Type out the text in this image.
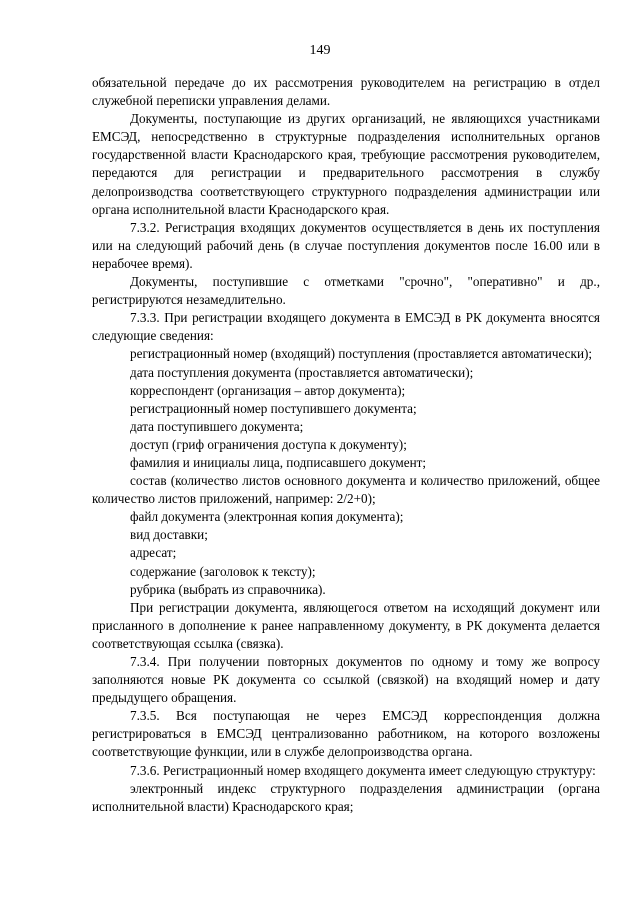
149

обязательной передаче до их рассмотрения руководителем на регистрацию в отдел служебной переписки управления делами.

Документы, поступающие из других организаций, не являющихся участниками ЕМСЭД, непосредственно в структурные подразделения исполнительных органов государственной власти Краснодарского края, требующие рассмотрения руководителем, передаются для регистрации и предварительного рассмотрения в службу делопроизводства соответствующего структурного подразделения администрации или органа исполнительной власти Краснодарского края.

7.3.2. Регистрация входящих документов осуществляется в день их поступления или на следующий рабочий день (в случае поступления документов после 16.00 или в нерабочее время).

Документы, поступившие с отметками "срочно", "оперативно" и др., регистрируются незамедлительно.

7.3.3. При регистрации входящего документа в ЕМСЭД в РК документа вносятся следующие сведения:

регистрационный номер (входящий) поступления (проставляется автоматически);

дата поступления документа (проставляется автоматически);

корреспондент (организация – автор документа);

регистрационный номер поступившего документа;

дата поступившего документа;

доступ (гриф ограничения доступа к документу);

фамилия и инициалы лица, подписавшего документ;

состав (количество листов основного документа и количество приложений, общее количество листов приложений, например: 2/2+0);

файл документа (электронная копия документа);

вид доставки;

адресат;

содержание (заголовок к тексту);

рубрика (выбрать из справочника).

При регистрации документа, являющегося ответом на исходящий документ или присланного в дополнение к ранее направленному документу, в РК документа делается соответствующая ссылка (связка).

7.3.4. При получении повторных документов по одному и тому же вопросу заполняются новые РК документа со ссылкой (связкой) на входящий номер и дату предыдущего обращения.

7.3.5. Вся поступающая не через ЕМСЭД корреспонденция должна регистрироваться в ЕМСЭД централизованно работником, на которого возложены соответствующие функции, или в службе делопроизводства органа.

7.3.6. Регистрационный номер входящего документа имеет следующую структуру:

электронный индекс структурного подразделения администрации (органа исполнительной власти) Краснодарского края;
